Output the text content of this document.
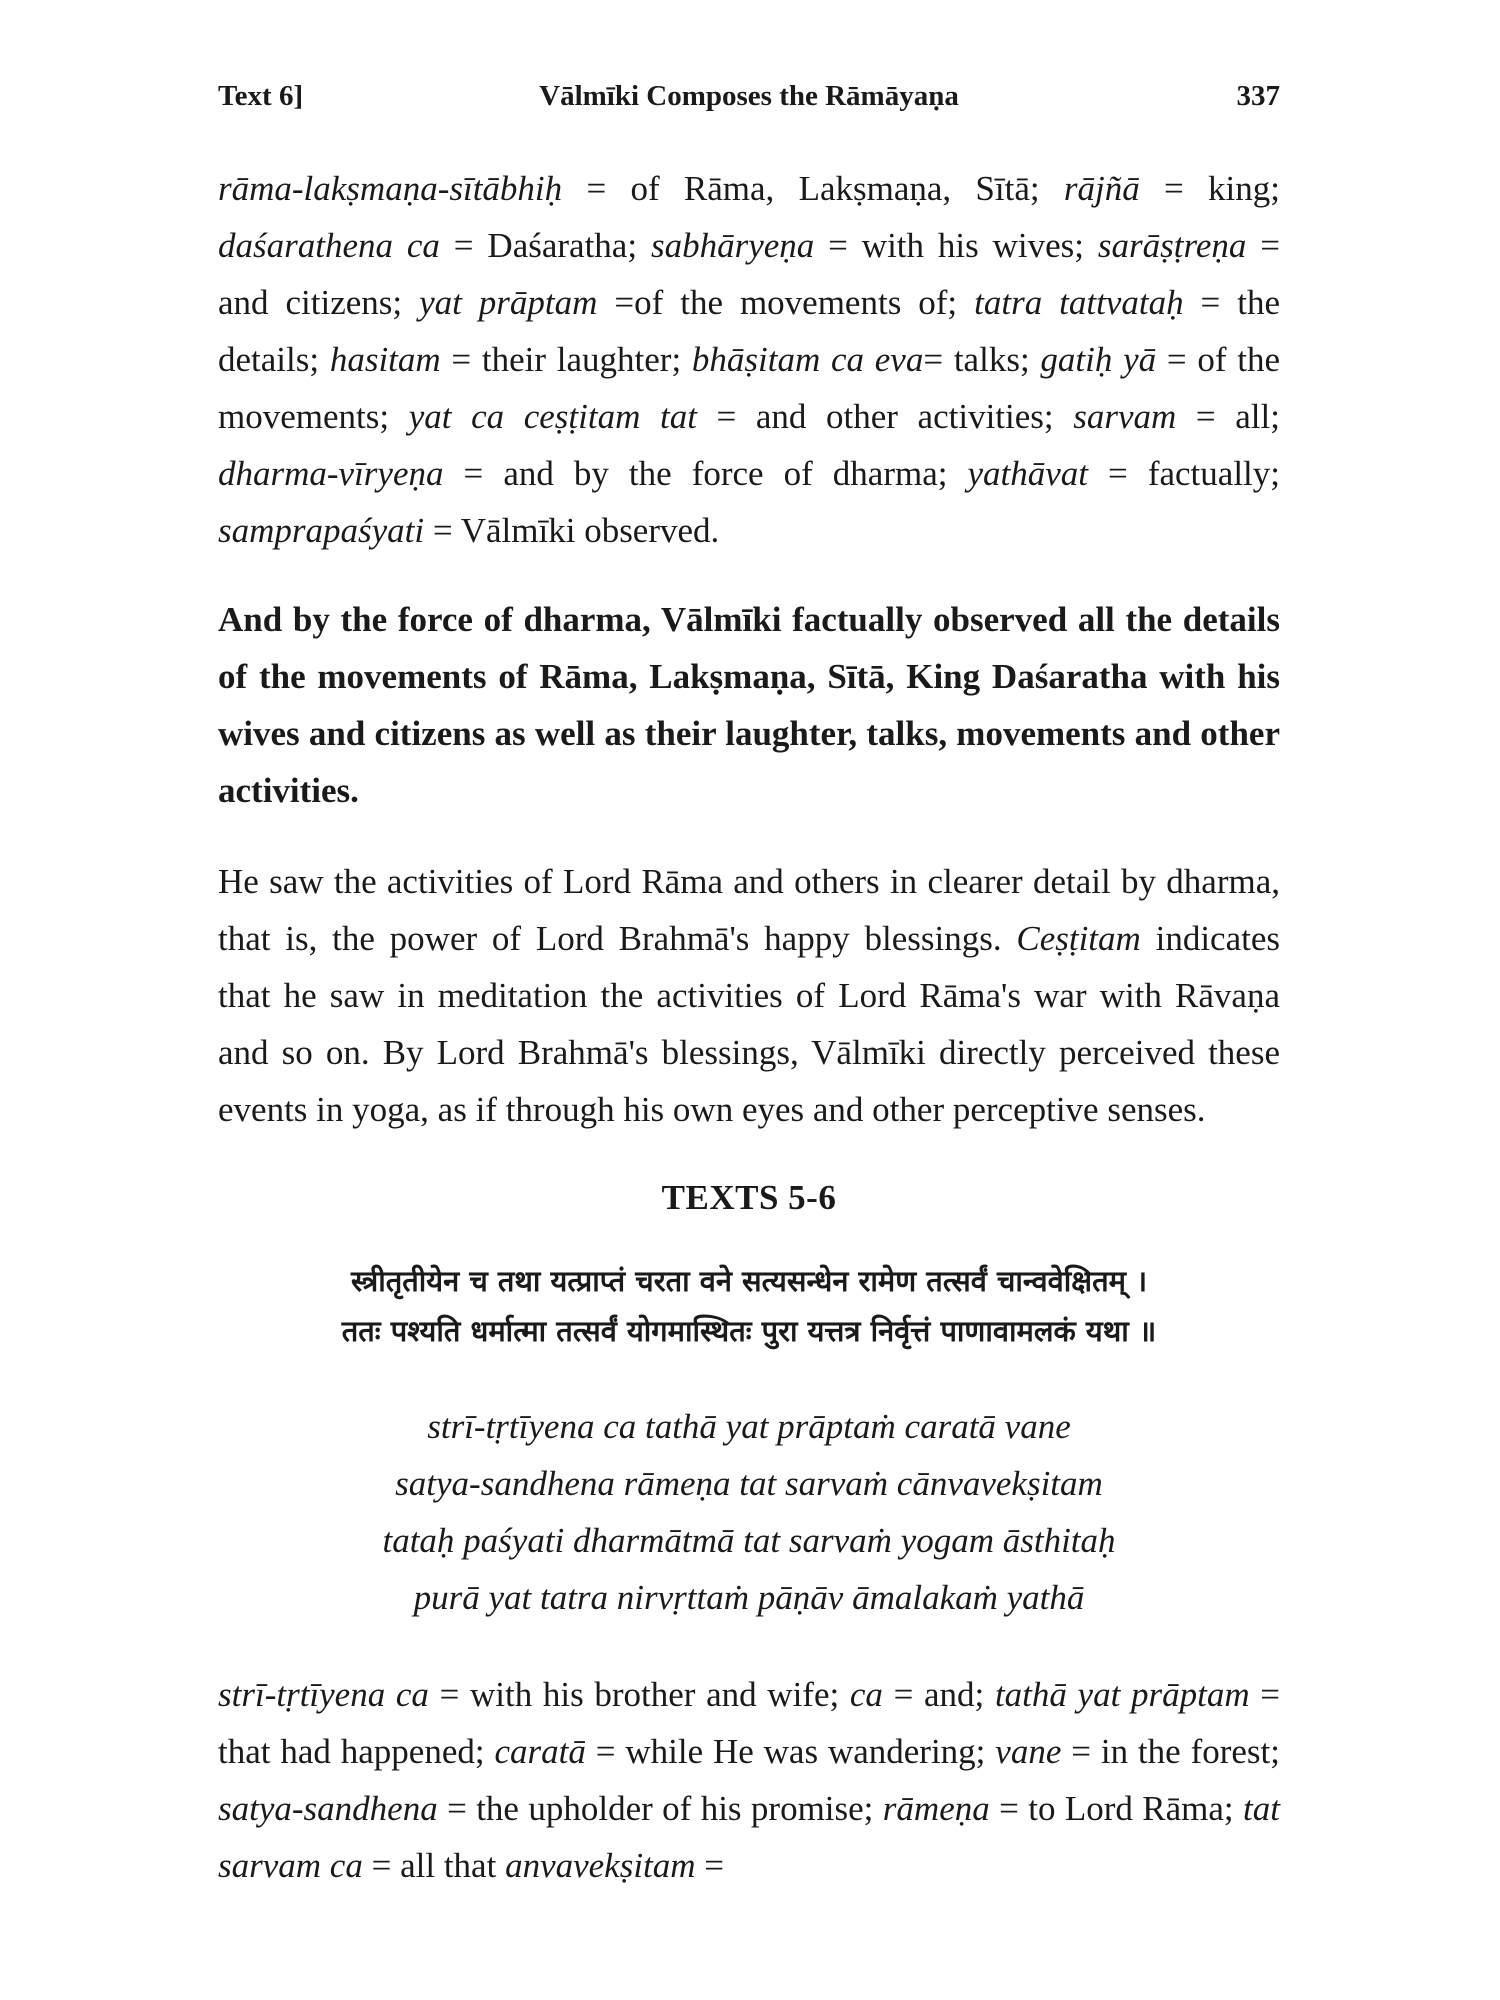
Text 6]	Vālmīki Composes the Rāmāyaṇa	337

rāma-lakṣmaṇa-sītābhiḥ = of Rāma, Lakṣmaṇa, Sītā; rājñā = king; daśarathena ca = Daśaratha; sabhāryeṇa = with his wives; sarāṣṭreṇa = and citizens; yat prāptam =of the movements of; tatra tattvataḥ = the details; hasitam = their laughter; bhāṣitam ca eva= talks; gatiḥ yā = of the movements; yat ca ceṣṭitam tat = and other activities; sarvam = all; dharma-vīryeṇa = and by the force of dharma; yathāvat = factually; samprapaśyati = Vālmīki observed.

And by the force of dharma, Vālmīki factually observed all the details of the movements of Rāma, Lakṣmaṇa, Sītā, King Daśaratha with his wives and citizens as well as their laughter, talks, movements and other activities.

He saw the activities of Lord Rāma and others in clearer detail by dharma, that is, the power of Lord Brahmā's happy blessings. Ceṣṭitam indicates that he saw in meditation the activities of Lord Rāma's war with Rāvaṇa and so on. By Lord Brahmā's blessings, Vālmīki directly perceived these events in yoga, as if through his own eyes and other perceptive senses.

TEXTS 5-6
स्त्रीतृतीयेन च तथा यत्प्राप्तं चरता वने सत्यसन्धेन रामेण तत्सर्वं चान्ववेक्षितम् ।
ततः पश्यति धर्मात्मा तत्सर्वं योगमास्थितः पुरा यत्तत्र निर्वृत्तं पाणावामलकं यथा ॥
strī-tṛtīyena ca tathā yat prāptaṁ caratā vane
satya-sandhena rāmeṇa tat sarvaṁ cānvavekṣitam
tataḥ paśyati dharmātmā tat sarvaṁ yogam āsthitaḥ
purā yat tatra nirvṛttaṁ pāṇāv āmalakaṁ yathā

strī-tṛtīyena ca = with his brother and wife; ca = and; tathā yat prāptam = that had happened; caratā = while He was wandering; vane = in the forest; satya-sandhena = the upholder of his promise; rāmeṇa = to Lord Rāma; tat sarvam ca = all that anvavekṣitam =
